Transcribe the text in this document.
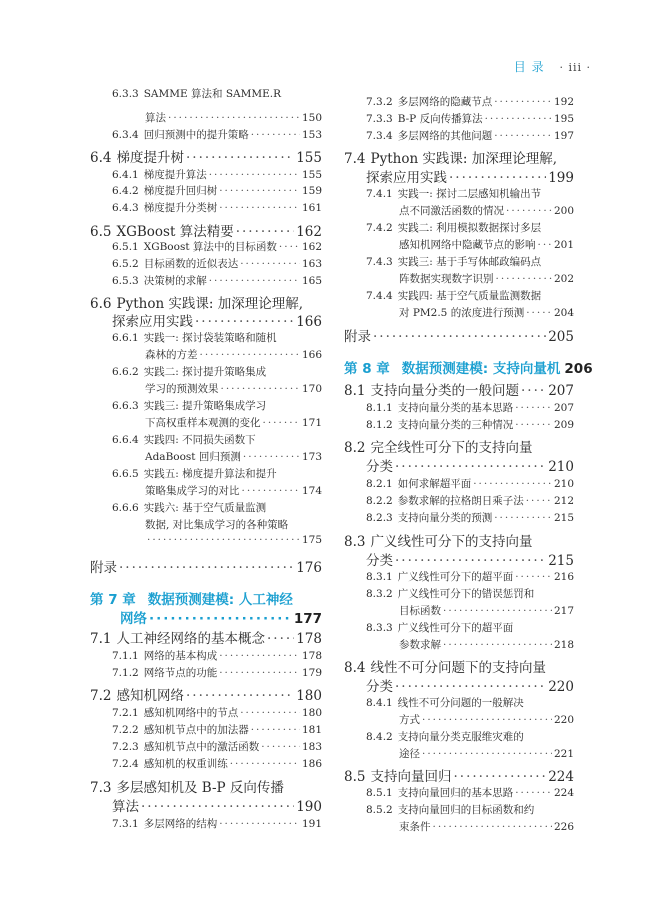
目 录 · iii ·
6.3.3 SAMME 算法和 SAMME.R
算法 ·····	150
6.3.4 回归预测中的提升策略 ·····	153
6.4 梯度提升树 ·····	155
6.4.1 梯度提升算法 ·····	155
6.4.2 梯度提升回归树 ·····	159
6.4.3 梯度提升分类树 ·····	161
6.5 XGBoost 算法精要 ·····	162
6.5.1 XGBoost 算法中的目标函数 ····· 162
6.5.2 目标函数的近似表达 ·····	163
6.5.3 决策树的求解 ·····	165
6.6 Python 实践课: 加深理论理解,
探索应用实践 ·····	166
6.6.1 实践一: 探讨袋装策略和随机
森林的方差 ·····	166
6.6.2 实践二: 探讨提升策略集成
学习的预测效果 ·····	170
6.6.3 实践三: 提升策略集成学习
下高权重样本观测的变化 ·····	171
6.6.4 实践四: 不同损失函数下
AdaBoost 回归预测 ·····	173
6.6.5 实践五: 梯度提升算法和提升
策略集成学习的对比 ·····	174
6.6.6 实践六: 基于空气质量监测
数据, 对比集成学习的各种策略
·····
175
附录 ·····	176
第 7 章 数据预测建模: 人工神经
网络 ·····	177
7.1 人工神经网络的基本概念 ····· 178
7.1.1 网络的基本构成 ·····	178
7.1.2 网络节点的功能 ·····	179
7.2 感知机网络 ·····	180
7.2.1 感知机网络中的节点 ·····	180
7.2.2 感知机节点中的加法器 ·····	181
7.2.3 感知机节点中的激活函数 ·····	183
7.2.4 感知机的权重训练 ·····	186
7.3 多层感知机及 B-P 反向传播
算法 ·····	190
7.3.1 多层网络的结构 ·····	191
7.3.2 多层网络的隐藏节点 ·····	192
7.3.3 B-P 反向传播算法 ·····	195
7.3.4 多层网络的其他问题 ·····	197
7.4 Python 实践课: 加深理论理解,
探索应用实践 ·····	199
7.4.1 实践一: 探讨二层感知机输出节
点不同激活函数的情况 ·····	200
7.4.2 实践二: 利用模拟数据探讨多层
感知机网络中隐藏节点的影响 ····· 201
7.4.3 实践三: 基于手写体邮政编码点
阵数据实现数字识别 ·····	202
7.4.4 实践四: 基于空气质量监测数据
对 PM2.5 的浓度进行预测 ·····	204
附录 ·····	205
第 8 章 数据预测建模: 支持向量机 206
8.1 支持向量分类的一般问题 ····· 207
8.1.1 支持向量分类的基本思路 ·····	207
8.1.2 支持向量分类的三种情况 ·····	209
8.2 完全线性可分下的支持向量
分类 ·····	210
8.2.1 如何求解超平面 ·····	210
8.2.2 参数求解的拉格朗日乘子法 ·····	212
8.2.3 支持向量分类的预测 ·····	215
8.3 广义线性可分下的支持向量
分类 ·····	215
8.3.1 广义线性可分下的超平面 ·····	216
8.3.2 广义线性可分下的错误惩罚和
目标函数 ·····	217
8.3.3 广义线性可分下的超平面
参数求解 ·····	218
8.4 线性不可分问题下的支持向量
分类 ·····	220
8.4.1 线性不可分问题的一般解决
方式 ·····	220
8.4.2 支持向量分类克服维灾难的
途径 ·····	221
8.5 支持向量回归 ·····	224
8.5.1 支持向量回归的基本思路 ·····	224
8.5.2 支持向量回归的目标函数和约
束条件 ·····	226
